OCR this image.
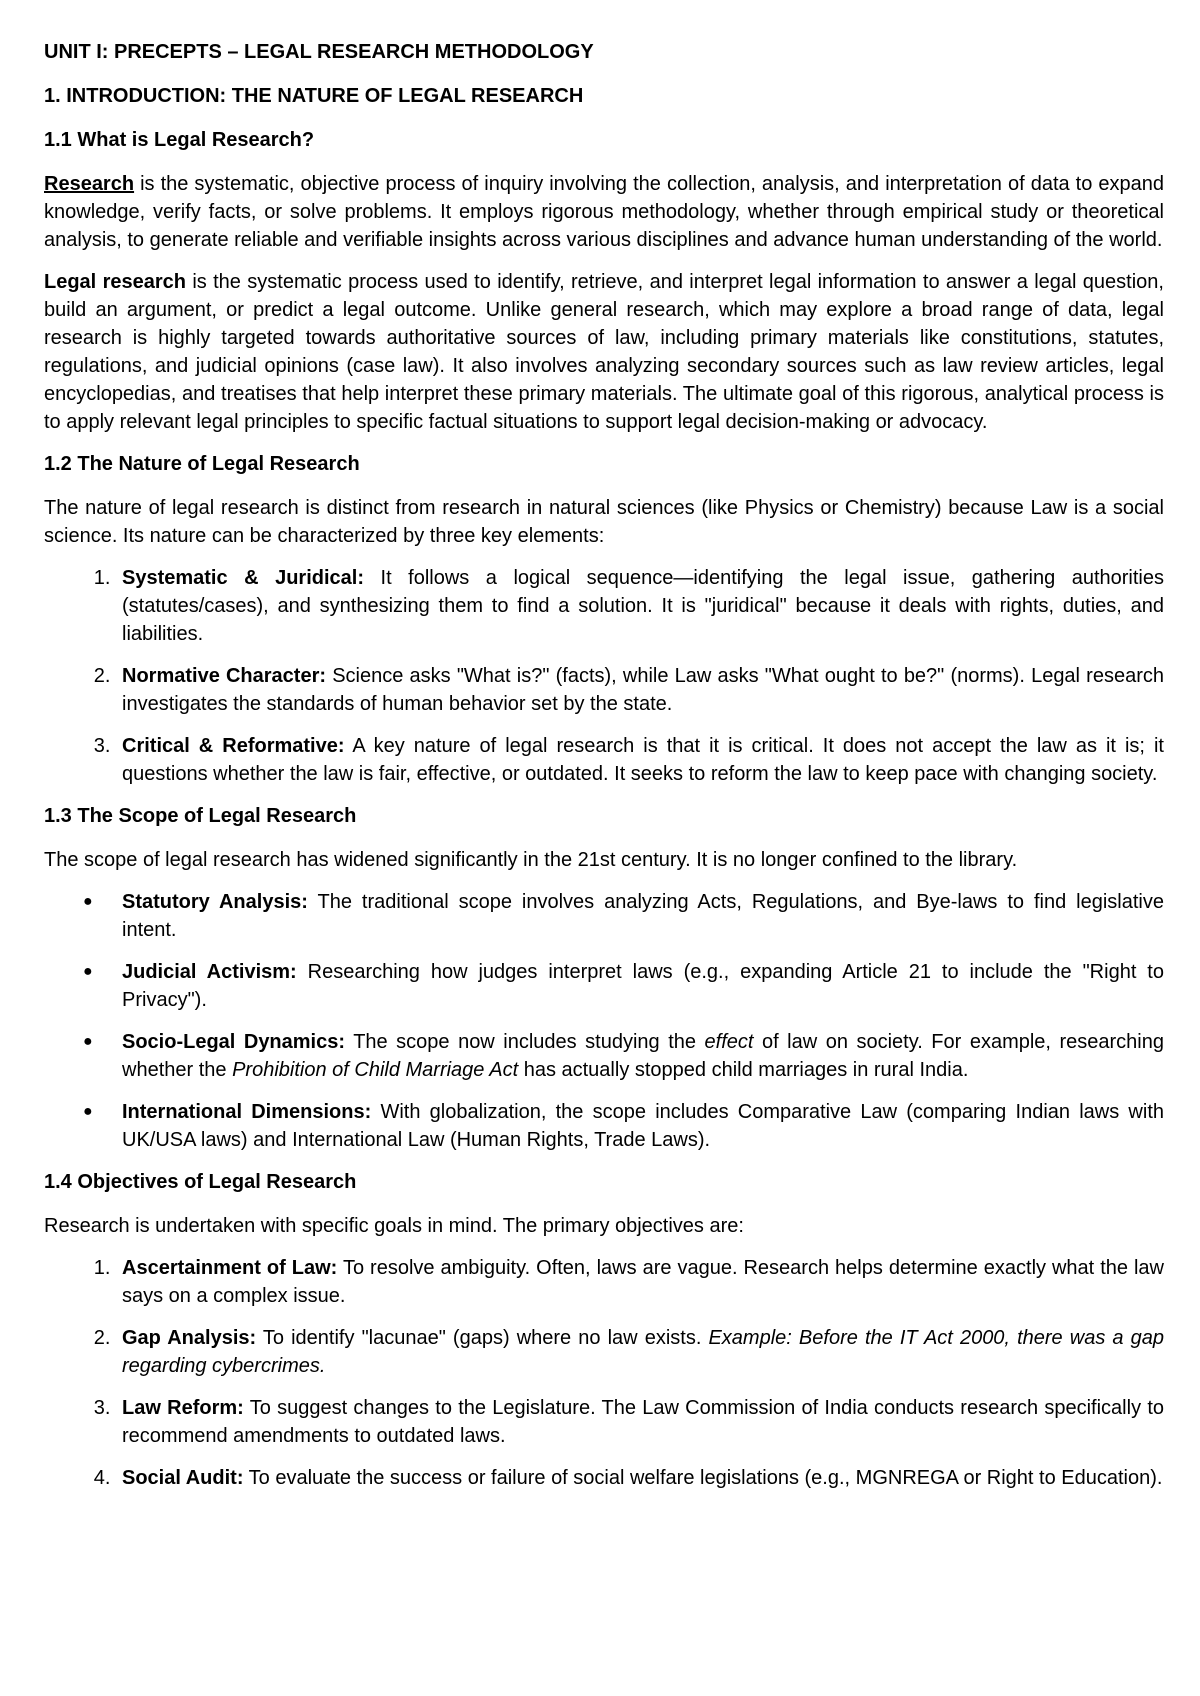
UNIT I: PRECEPTS – LEGAL RESEARCH METHODOLOGY
1. INTRODUCTION: THE NATURE OF LEGAL RESEARCH
1.1 What is Legal Research?

Research is the systematic, objective process of inquiry involving the collection, analysis, and interpretation of data to expand knowledge, verify facts, or solve problems. It employs rigorous methodology, whether through empirical study or theoretical analysis, to generate reliable and verifiable insights across various disciplines and advance human understanding of the world.

Legal research is the systematic process used to identify, retrieve, and interpret legal information to answer a legal question, build an argument, or predict a legal outcome. Unlike general research, which may explore a broad range of data, legal research is highly targeted towards authoritative sources of law, including primary materials like constitutions, statutes, regulations, and judicial opinions (case law). It also involves analyzing secondary sources such as law review articles, legal encyclopedias, and treatises that help interpret these primary materials. The ultimate goal of this rigorous, analytical process is to apply relevant legal principles to specific factual situations to support legal decision-making or advocacy.

1.2 The Nature of Legal Research

The nature of legal research is distinct from research in natural sciences (like Physics or Chemistry) because Law is a social science. Its nature can be characterized by three key elements:

1. Systematic & Juridical: It follows a logical sequence—identifying the legal issue, gathering authorities (statutes/cases), and synthesizing them to find a solution. It is "juridical" because it deals with rights, duties, and liabilities.
2. Normative Character: Science asks "What is?" (facts), while Law asks "What ought to be?" (norms). Legal research investigates the standards of human behavior set by the state.
3. Critical & Reformative: A key nature of legal research is that it is critical. It does not accept the law as it is; it questions whether the law is fair, effective, or outdated. It seeks to reform the law to keep pace with changing society.
1.3 The Scope of Legal Research

The scope of legal research has widened significantly in the 21st century. It is no longer confined to the library.

● Statutory Analysis: The traditional scope involves analyzing Acts, Regulations, and Bye-laws to find legislative intent.
● Judicial Activism: Researching how judges interpret laws (e.g., expanding Article 21 to include the "Right to Privacy").
● Socio-Legal Dynamics: The scope now includes studying the effect of law on society. For example, researching whether the Prohibition of Child Marriage Act has actually stopped child marriages in rural India.
● International Dimensions: With globalization, the scope includes Comparative Law (comparing Indian laws with UK/USA laws) and International Law (Human Rights, Trade Laws).
1.4 Objectives of Legal Research

Research is undertaken with specific goals in mind. The primary objectives are:

1. Ascertainment of Law: To resolve ambiguity. Often, laws are vague. Research helps determine exactly what the law says on a complex issue.
2. Gap Analysis: To identify "lacunae" (gaps) where no law exists. Example: Before the IT Act 2000, there was a gap regarding cybercrimes.
3. Law Reform: To suggest changes to the Legislature. The Law Commission of India conducts research specifically to recommend amendments to outdated laws.
4. Social Audit: To evaluate the success or failure of social welfare legislations (e.g., MGNREGA or Right to Education).
